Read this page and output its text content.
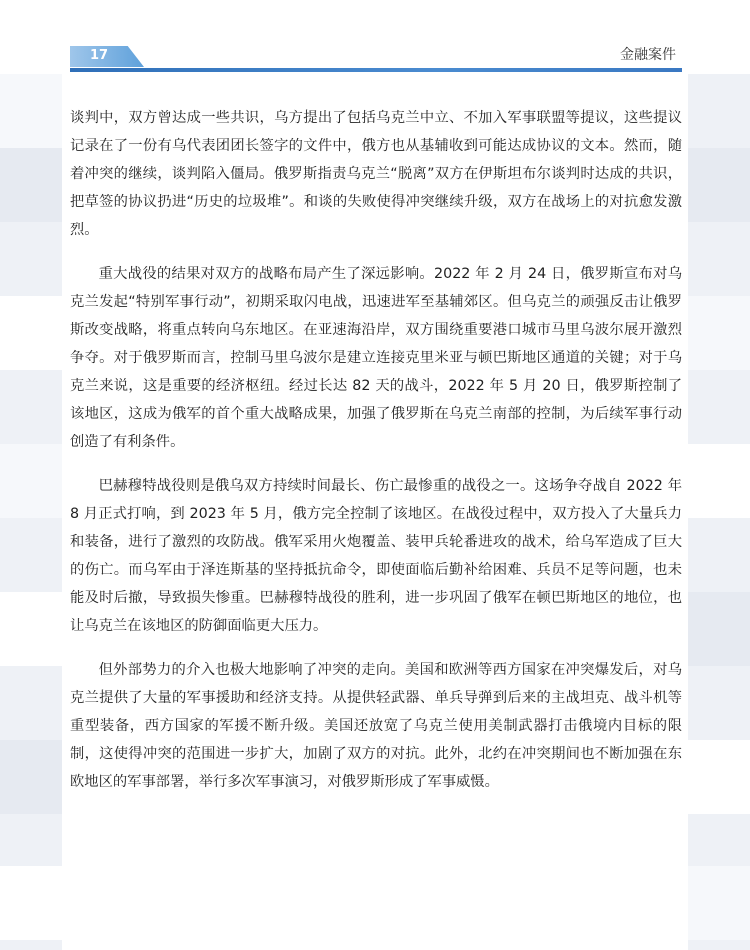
17	金融案件

谈判中，双方曾达成一些共识，乌方提出了包括乌克兰中立、不加入军事联盟等提议，这些提议记录在了一份有乌代表团团长签字的文件中，俄方也从基辅收到可能达成协议的文本。然而，随着冲突的继续，谈判陷入僵局。俄罗斯指责乌克兰“脱离”双方在伊斯坦布尔谈判时达成的共识，把草签的协议扔进“历史的垃圾堆”。和谈的失败使得冲突继续升级，双方在战场上的对抗愈发激烈。

重大战役的结果对双方的战略布局产生了深远影响。2022 年 2 月 24 日，俄罗斯宣布对乌克兰发起“特别军事行动”，初期采取闪电战，迅速进军至基辅郊区。但乌克兰的顽强反击让俄罗斯改变战略，将重点转向乌东地区。在亚速海沿岸，双方围绕重要港口城市马里乌波尔展开激烈争夺。对于俄罗斯而言，控制马里乌波尔是建立连接克里米亚与顿巴斯地区通道的关键；对于乌克兰来说，这是重要的经济枢纽。经过长达 82 天的战斗，2022 年 5 月 20 日，俄罗斯控制了该地区，这成为俄军的首个重大战略成果，加强了俄罗斯在乌克兰南部的控制，为后续军事行动创造了有利条件。

巴赫穆特战役则是俄乌双方持续时间最长、伤亡最惨重的战役之一。这场争夺战自 2022 年 8 月正式打响，到 2023 年 5 月，俄方完全控制了该地区。在战役过程中，双方投入了大量兵力和装备，进行了激烈的攻防战。俄军采用火炮覆盖、装甲兵轮番进攻的战术，给乌军造成了巨大的伤亡。而乌军由于泽连斯基的坚持抵抗命令，即使面临后勤补给困难、兵员不足等问题，也未能及时后撤，导致损失惨重。巴赫穆特战役的胜利，进一步巩固了俄军在顿巴斯地区的地位，也让乌克兰在该地区的防御面临更大压力。

但外部势力的介入也极大地影响了冲突的走向。美国和欧洲等西方国家在冲突爆发后，对乌克兰提供了大量的军事援助和经济支持。从提供轻武器、单兵导弹到后来的主战坦克、战斗机等重型装备，西方国家的军援不断升级。美国还放宽了乌克兰使用美制武器打击俄境内目标的限制，这使得冲突的范围进一步扩大，加剧了双方的对抗。此外，北约在冲突期间也不断加强在东欧地区的军事部署，举行多次军事演习，对俄罗斯形成了军事威慑。
